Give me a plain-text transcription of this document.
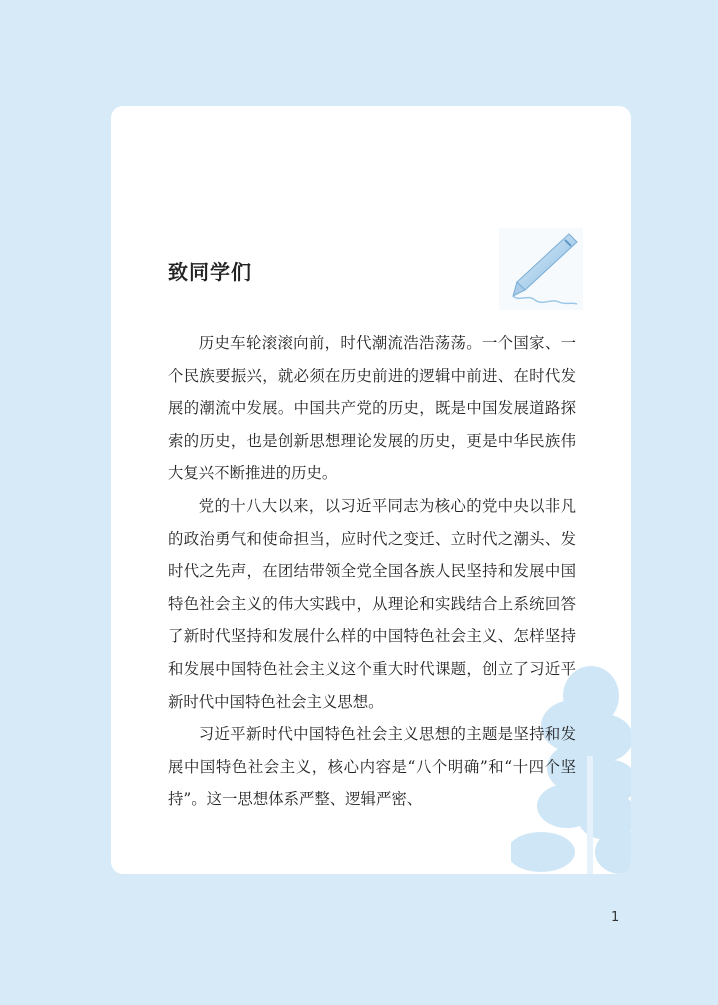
致同学们

历史车轮滚滚向前，时代潮流浩浩荡荡。一个国家、一个民族要振兴，就必须在历史前进的逻辑中前进、在时代发展的潮流中发展。中国共产党的历史，既是中国发展道路探索的历史，也是创新思想理论发展的历史，更是中华民族伟大复兴不断推进的历史。

党的十八大以来，以习近平同志为核心的党中央以非凡的政治勇气和使命担当，应时代之变迁、立时代之潮头、发时代之先声，在团结带领全党全国各族人民坚持和发展中国特色社会主义的伟大实践中，从理论和实践结合上系统回答了新时代坚持和发展什么样的中国特色社会主义、怎样坚持和发展中国特色社会主义这个重大时代课题，创立了习近平新时代中国特色社会主义思想。

习近平新时代中国特色社会主义思想的主题是坚持和发展中国特色社会主义，核心内容是“八个明确”和“十四个坚持”。这一思想体系严整、逻辑严密、

1
